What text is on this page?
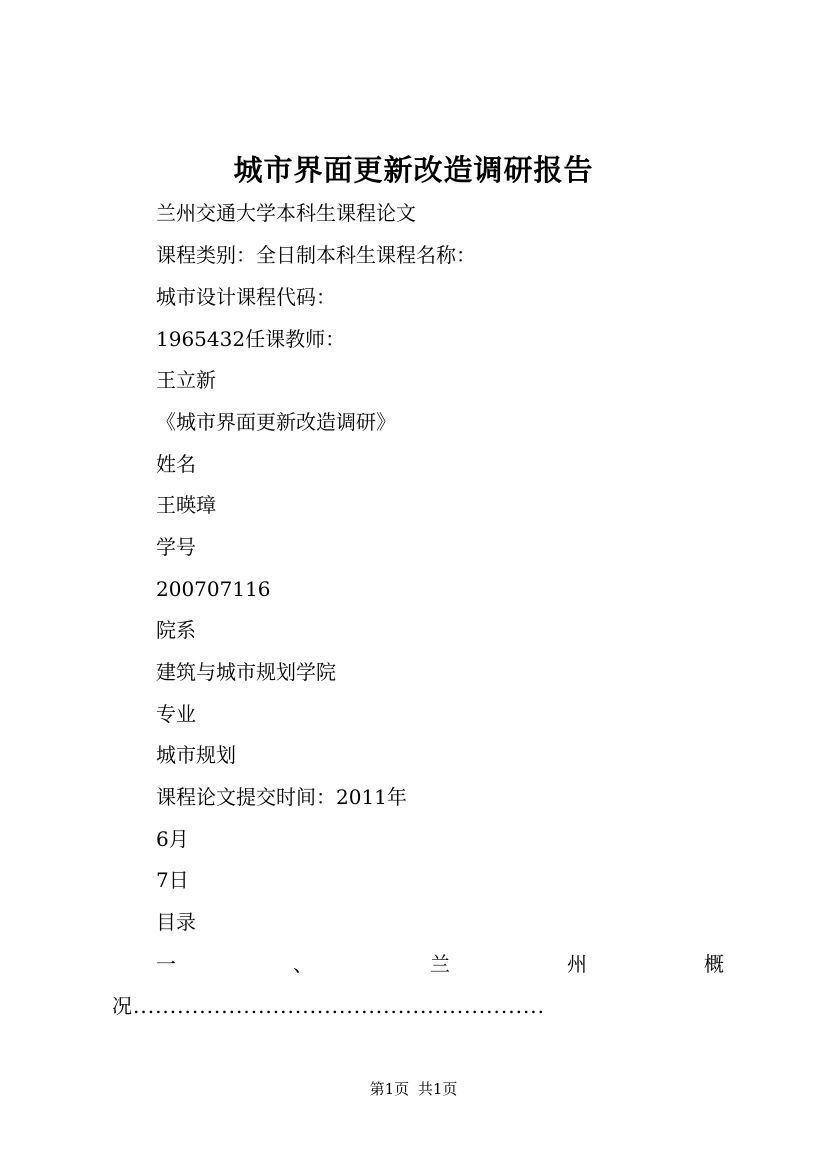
城市界面更新改造调研报告
兰州交通大学本科生课程论文
课程类别：全日制本科生课程名称：
城市设计课程代码：
1965432任课教师：
王立新
《城市界面更新改造调研》
姓名
王暎璋
学号
200707116
院系
建筑与城市规划学院
专业
城市规划
课程论文提交时间：2011年
6月
7日
目录
一	、	兰	州	概
况........................................................
第1页 共1页
